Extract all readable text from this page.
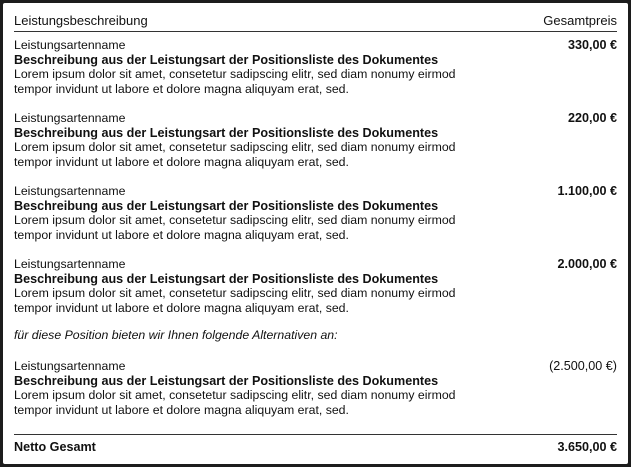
Leistungsbeschreibung	Gesamtpreis
Leistungsartenname
Beschreibung aus der Leistungsart der Positionsliste des Dokumentes
Lorem ipsum dolor sit amet, consetetur sadipscing elitr, sed diam nonumy eirmod tempor invidunt ut labore et dolore magna aliquyam erat, sed.
330,00 €
Leistungsartenname
Beschreibung aus der Leistungsart der Positionsliste des Dokumentes
Lorem ipsum dolor sit amet, consetetur sadipscing elitr, sed diam nonumy eirmod tempor invidunt ut labore et dolore magna aliquyam erat, sed.
220,00 €
Leistungsartenname
Beschreibung aus der Leistungsart der Positionsliste des Dokumentes
Lorem ipsum dolor sit amet, consetetur sadipscing elitr, sed diam nonumy eirmod tempor invidunt ut labore et dolore magna aliquyam erat, sed.
1.100,00 €
Leistungsartenname
Beschreibung aus der Leistungsart der Positionsliste des Dokumentes
Lorem ipsum dolor sit amet, consetetur sadipscing elitr, sed diam nonumy eirmod tempor invidunt ut labore et dolore magna aliquyam erat, sed.
2.000,00 €
für diese Position bieten wir Ihnen folgende Alternativen an:
Leistungsartenname
Beschreibung aus der Leistungsart der Positionsliste des Dokumentes
Lorem ipsum dolor sit amet, consetetur sadipscing elitr, sed diam nonumy eirmod tempor invidunt ut labore et dolore magna aliquyam erat, sed.
(2.500,00 €)
Netto Gesamt	3.650,00 €
